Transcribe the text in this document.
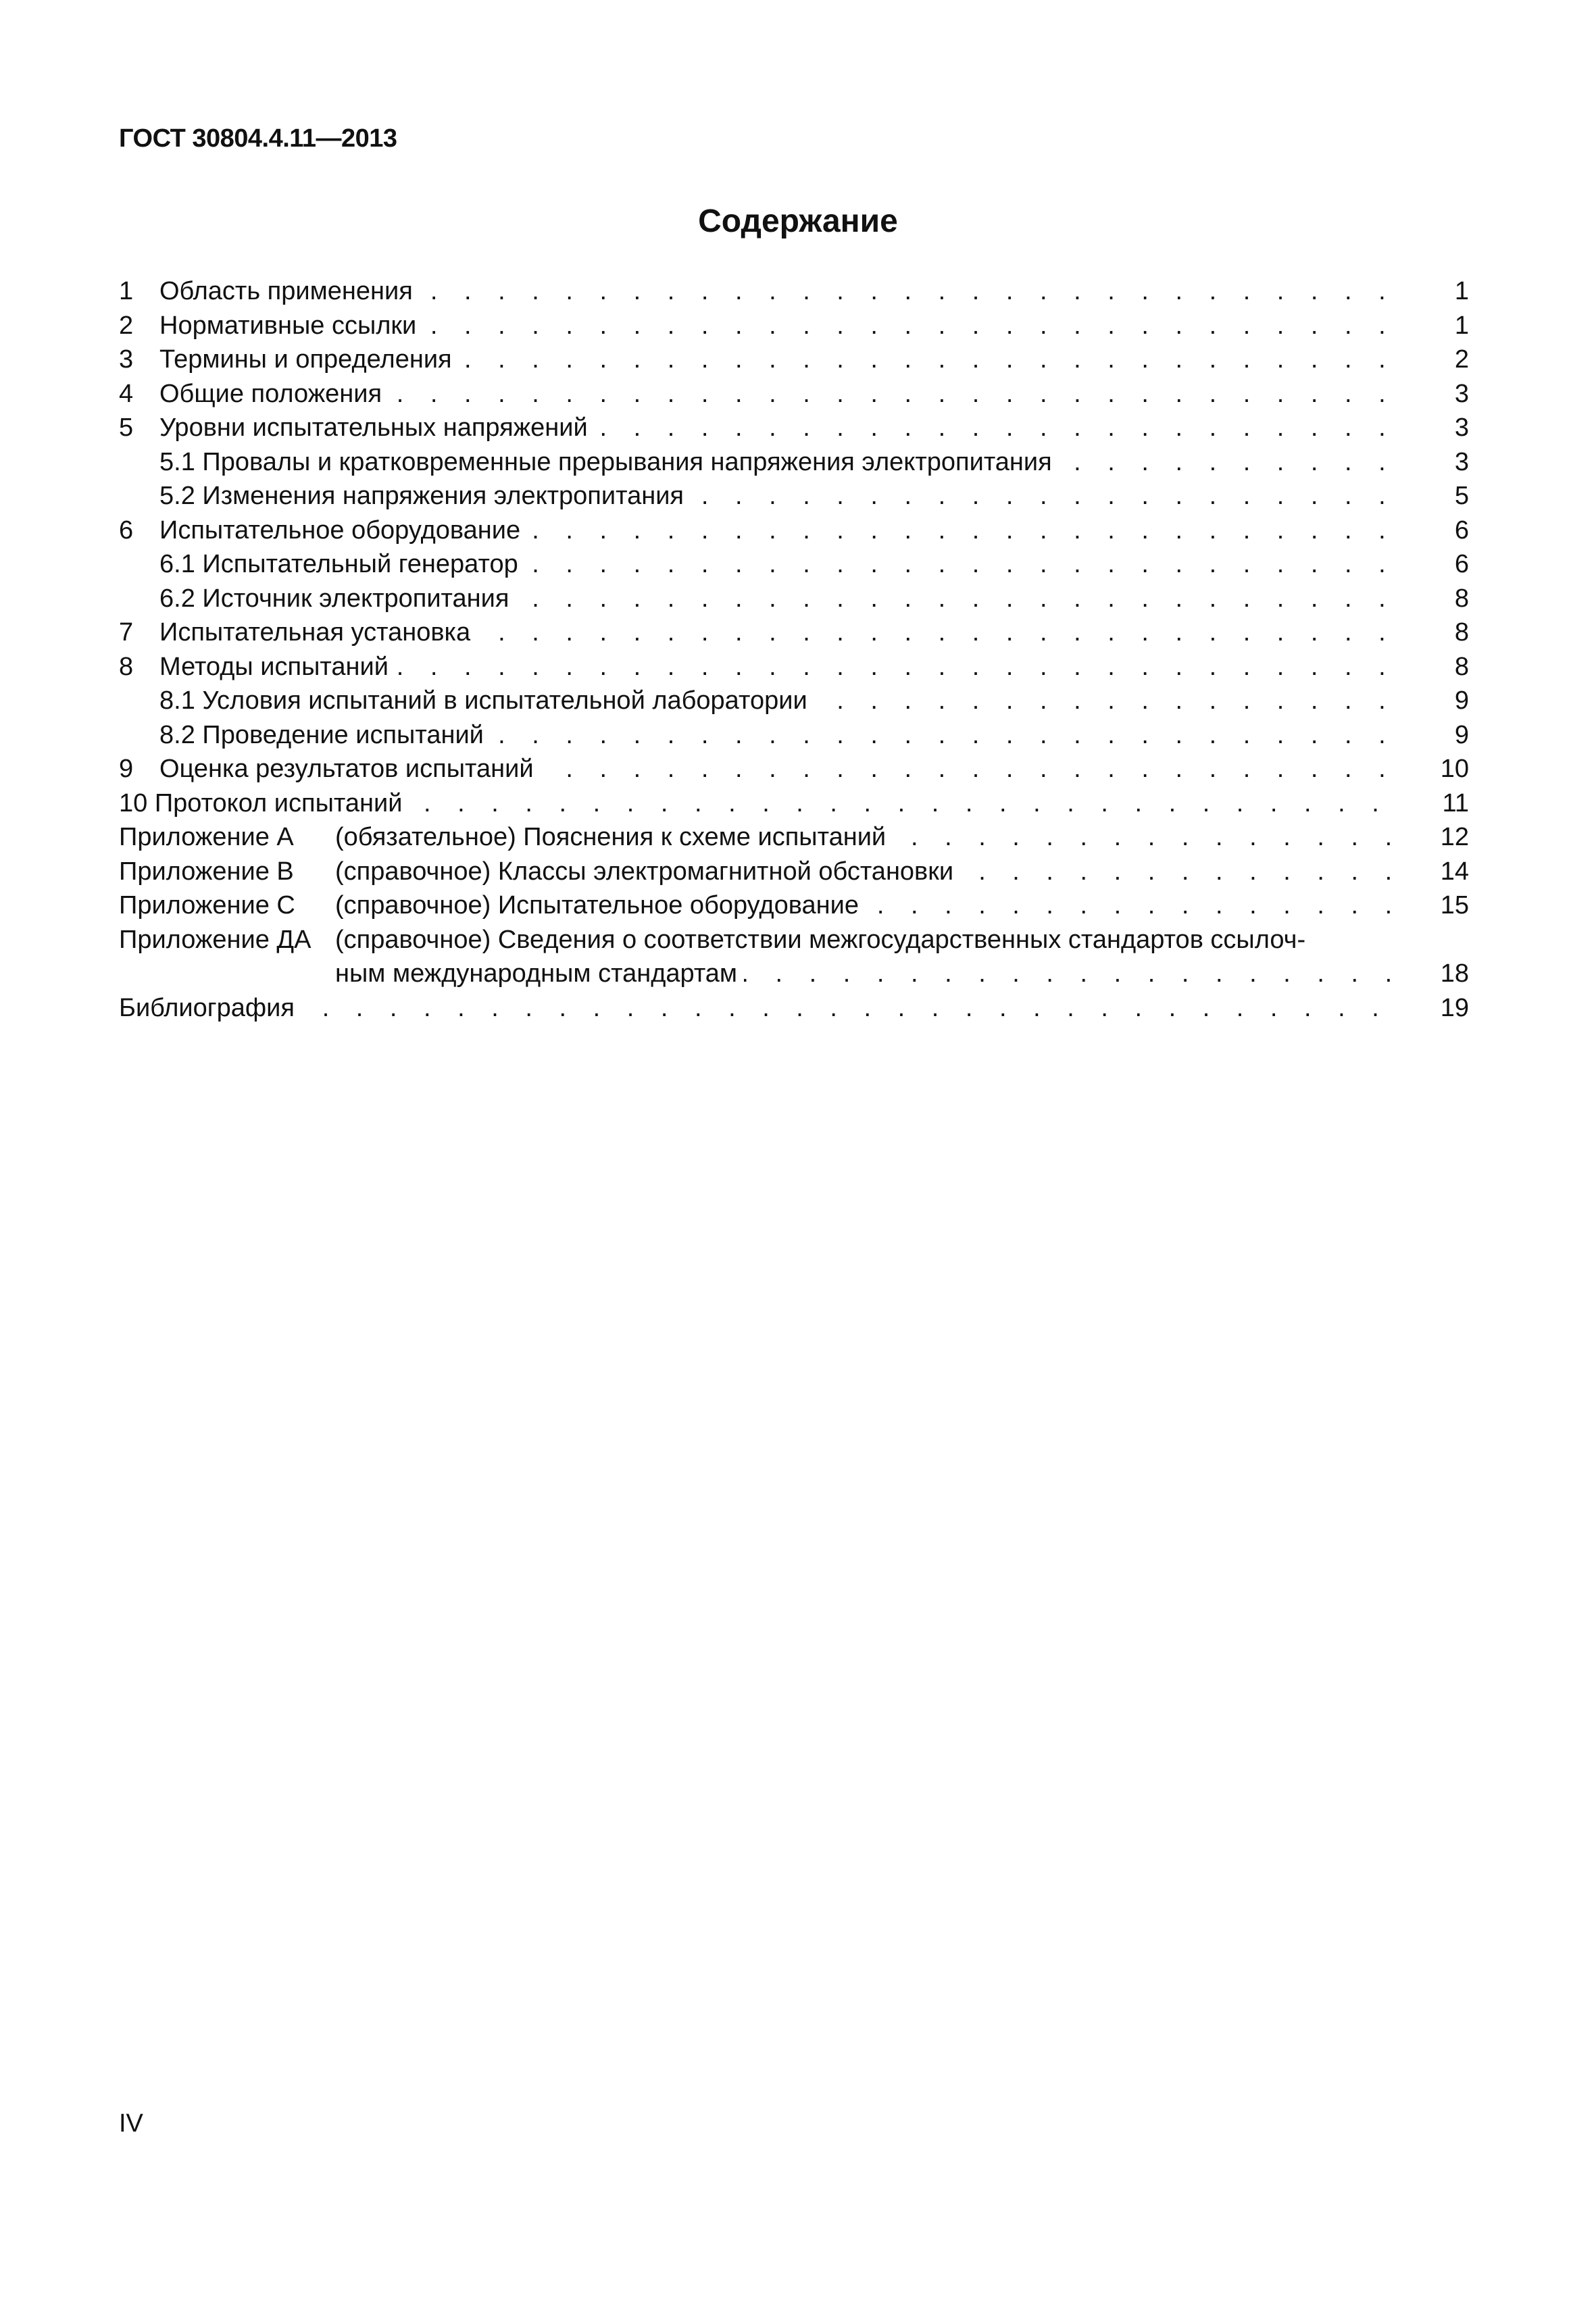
ГОСТ 30804.4.11—2013
Содержание
1 Область применения . . .	1
2 Нормативные ссылки . . .	1
3 Термины и определения . . .	2
4 Общие положения . . .	3
5 Уровни испытательных напряжений . . .	3
5.1 Провалы и кратковременные прерывания напряжения электропитания . . .	3
5.2 Изменения напряжения электропитания . . .	5
6 Испытательное оборудование . . .	6
6.1 Испытательный генератор . . .	6
6.2 Источник электропитания . . .	8
7 Испытательная установка . . .	8
8 Методы испытаний . . .	8
8.1 Условия испытаний в испытательной лаборатории . . .	9
8.2 Проведение испытаний . . .	9
9 Оценка результатов испытаний . . .	10
10 Протокол испытаний . . .	11
Приложение А (обязательное) Пояснения к схеме испытаний . . .	12
Приложение В (справочное) Классы электромагнитной обстановки . . .	14
Приложение С (справочное) Испытательное оборудование . . .	15
Приложение ДА (справочное) Сведения о соответствии межгосударственных стандартов ссылоч-
ным международным стандартам . . .	18
Библиография . . .	19
IV
